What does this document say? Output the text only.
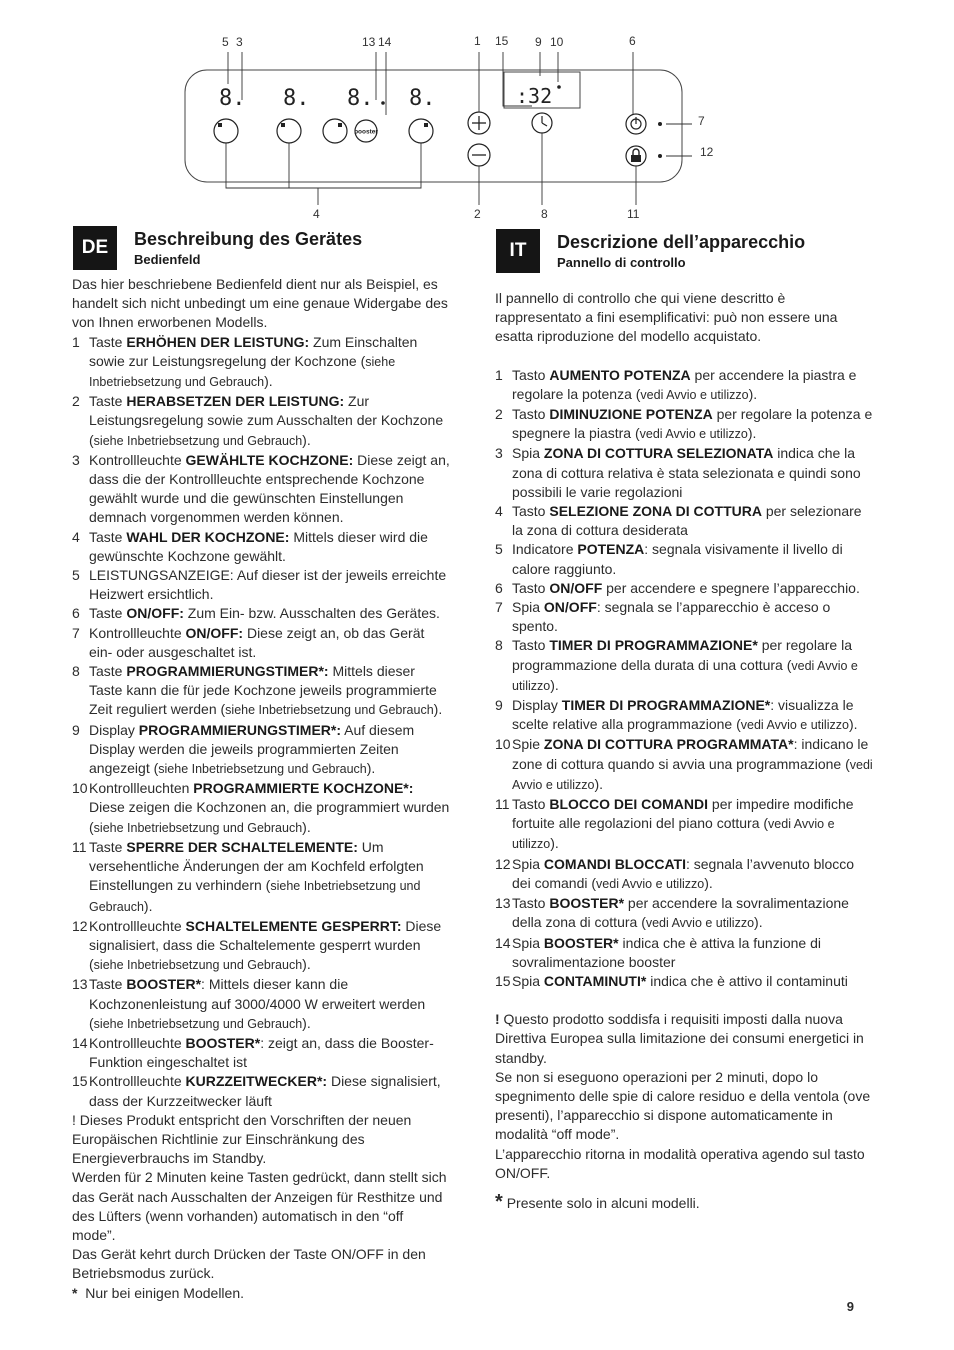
8. 8. 8. 8.	:32
booster
5 3	13 14	1 15 9 10	6
7
12
4	2	8	11
DE	Beschreibung des Gerätes
Bedienfeld

Das hier beschriebene Bedienfeld dient nur als Beispiel, es handelt sich nicht unbedingt um eine genaue Widergabe des von Ihnen erworbenen Modells.

1 Taste ERHÖHEN DER LEISTUNG: Zum Einschalten sowie zur Leistungsregelung der Kochzone (siehe Inbetriebsetzung und Gebrauch).
2 Taste HERABSETZEN DER LEISTUNG: Zur Leistungsregelung sowie zum Ausschalten der Kochzone (siehe Inbetriebsetzung und Gebrauch).
3 Kontrollleuchte GEWÄHLTE KOCHZONE: Diese zeigt an, dass die der Kontrollleuchte entsprechende Kochzone gewählt wurde und die gewünschten Einstellungen demnach vorgenommen werden können.
4 Taste WAHL DER KOCHZONE: Mittels dieser wird die gewünschte Kochzone gewählt.
5 LEISTUNGSANZEIGE: Auf dieser ist der jeweils erreichte Heizwert ersichtlich.
6 Taste ON/OFF: Zum Ein- bzw. Ausschalten des Gerätes.
7 Kontrollleuchte ON/OFF: Diese zeigt an, ob das Gerät ein- oder ausgeschaltet ist.
8 Taste PROGRAMMIERUNGSTIMER*: Mittels dieser Taste kann die für jede Kochzone jeweils programmierte Zeit reguliert werden (siehe Inbetriebsetzung und Gebrauch).
9 Display PROGRAMMIERUNGSTIMER*: Auf diesem Display werden die jeweils programmierten Zeiten angezeigt (siehe Inbetriebsetzung und Gebrauch).
10 Kontrollleuchten PROGRAMMIERTE KOCHZONE*: Diese zeigen die Kochzonen an, die programmiert wurden (siehe Inbetriebsetzung und Gebrauch).
11 Taste SPERRE DER SCHALTELEMENTE: Um versehentliche Änderungen der am Kochfeld erfolgten Einstellungen zu verhindern (siehe Inbetriebsetzung und Gebrauch).
12 Kontrollleuchte SCHALTELEMENTE GESPERRT: Diese signalisiert, dass die Schaltelemente gesperrt wurden (siehe Inbetriebsetzung und Gebrauch).
13 Taste BOOSTER*: Mittels dieser kann die Kochzonenleistung auf 3000/4000 W erweitert werden (siehe Inbetriebsetzung und Gebrauch).
14 Kontrollleuchte BOOSTER*: zeigt an, dass die Booster-Funktion eingeschaltet ist
15 Kontrollleuchte KURZZEITWECKER*: Diese signalisiert, dass der Kurzzeitwecker läuft

! Dieses Produkt entspricht den Vorschriften der neuen Europäischen Richtlinie zur Einschränkung des Energieverbrauchs im Standby.

Werden für 2 Minuten keine Tasten gedrückt, dann stellt sich das Gerät nach Ausschalten der Anzeigen für Resthitze und des Lüfters (wenn vorhanden) automatisch in den “off mode”.

Das Gerät kehrt durch Drücken der Taste ON/OFF in den Betriebsmodus zurück.

* Nur bei einigen Modellen.

IT	Descrizione dell’apparecchio
Pannello di controllo

Il pannello di controllo che qui viene descritto è rappresentato a fini esemplificativi: può non essere una esatta riproduzione del modello acquistato.

1 Tasto AUMENTO POTENZA per accendere la piastra e regolare la potenza (vedi Avvio e utilizzo).
2 Tasto DIMINUZIONE POTENZA per regolare la potenza e spegnere la piastra (vedi Avvio e utilizzo).
3 Spia ZONA DI COTTURA SELEZIONATA indica che la zona di cottura relativa è stata selezionata e quindi sono possibili le varie regolazioni
4 Tasto SELEZIONE ZONA DI COTTURA per selezionare la zona di cottura desiderata
5 Indicatore POTENZA: segnala visivamente il livello di calore raggiunto.
6 Tasto ON/OFF per accendere e spegnere l’apparecchio.
7 Spia ON/OFF: segnala se l’apparecchio è acceso o spento.
8 Tasto TIMER DI PROGRAMMAZIONE* per regolare la programmazione della durata di una cottura (vedi Avvio e utilizzo).
9 Display TIMER DI PROGRAMMAZIONE*: visualizza le scelte relative alla programmazione (vedi Avvio e utilizzo).
10 Spie ZONA DI COTTURA PROGRAMMATA*: indicano le zone di cottura quando si avvia una programmazione (vedi Avvio e utilizzo).
11 Tasto BLOCCO DEI COMANDI per impedire modifiche fortuite alle regolazioni del piano cottura (vedi Avvio e utilizzo).
12 Spia COMANDI BLOCCATI: segnala l’avvenuto blocco dei comandi (vedi Avvio e utilizzo).
13 Tasto BOOSTER* per accendere la sovralimentazione della zona di cottura (vedi Avvio e utilizzo).
14 Spia BOOSTER* indica che è attiva la funzione di sovralimentazione booster
15 Spia CONTAMINUTI* indica che è attivo il contaminuti

! Questo prodotto soddisfa i requisiti imposti dalla nuova Direttiva Europea sulla limitazione dei consumi energetici in standby.

Se non si eseguono operazioni per 2 minuti, dopo lo spegnimento delle spie di calore residuo e della ventola (ove presenti), l’apparecchio si dispone automaticamente in modalità “off mode”.

L’apparecchio ritorna in modalità operativa agendo sul tasto ON/OFF.

* Presente solo in alcuni modelli.

9
